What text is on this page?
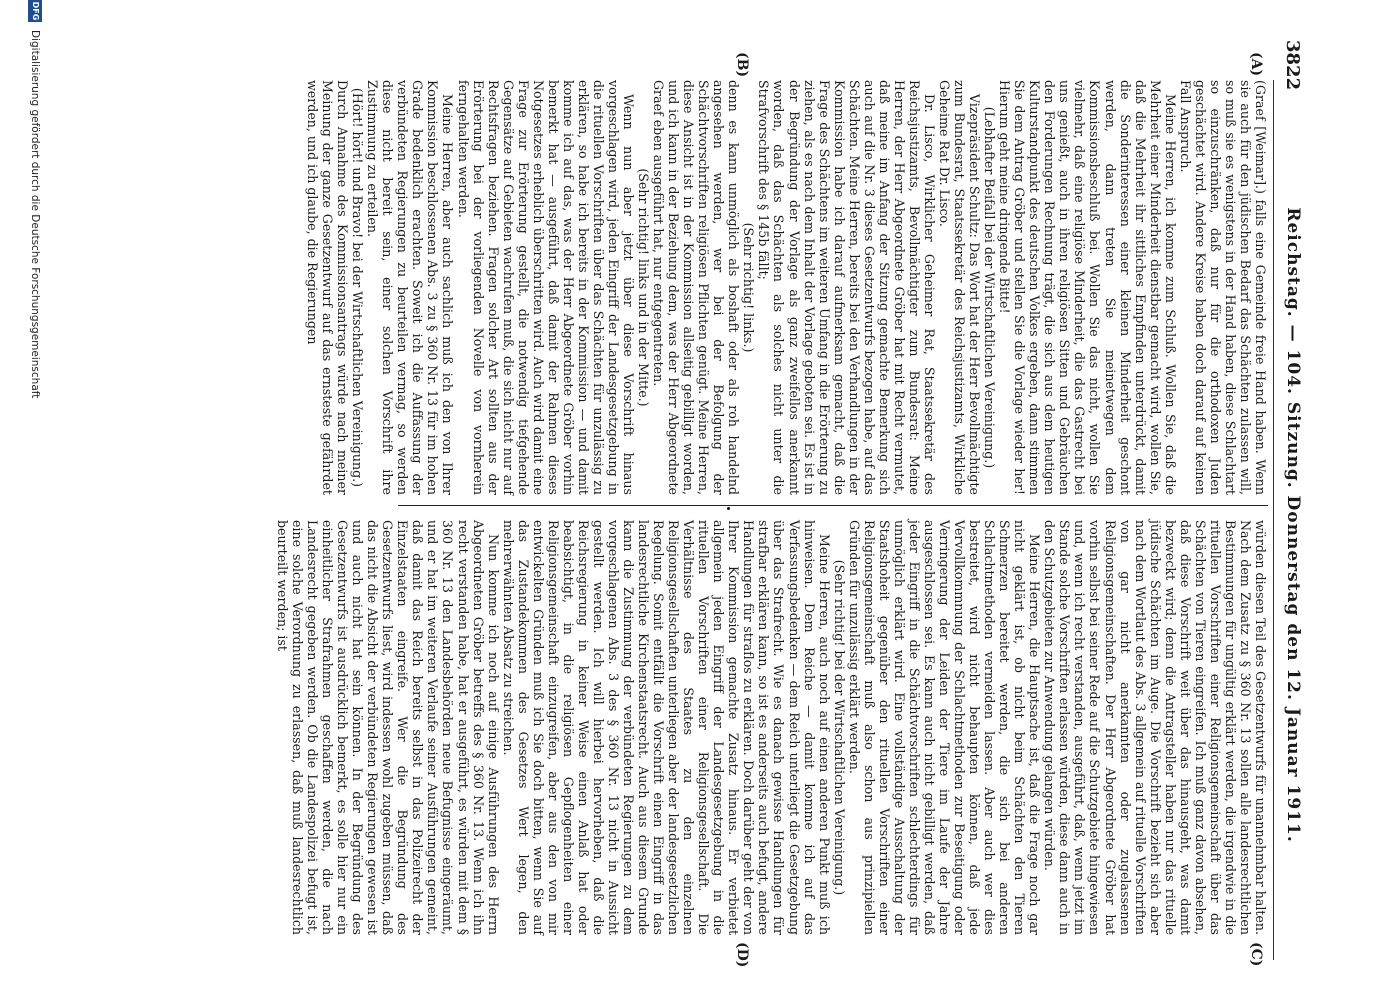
3822
Reichstag. — 104. Sitzung. Donnerstag den 12. Januar 1911.
(A)
(B)
(C)
(D)

(Graef [Weimar].) falls eine Gemeinde freie Hand haben. Wenn sie auch für den jüdischen Bedarf das Schächten zulassen will, so muß sie es wenigstens in der Hand haben, diese Schlachtart so einzuschränken, daß nur für die orthodoxen Juden geschächtet wird. Andere Kreise haben doch darauf auf keinen Fall Anspruch.

Meine Herren, ich komme zum Schluß. Wollen Sie, daß die Mehrheit einer Minderheit dienstbar gemacht wird, wollen Sie, daß die Mehrheit ihr sittliches Empfinden unterdrückt, damit die Sonderinteressen einer kleinen Minderheit geschont werden, dann treten Sie meinetwegen dem Kommissionsbeschluß bei. Wollen Sie das nicht, wollen Sie vielmehr, daß eine religiöse Minderheit, die das Gastrecht bei uns genießt, auch in ihren religiösen Sitten und Gebräuchen den Forderungen Rechnung trägt, die sich aus dem heutigen Kulturstandpunkt des deutschen Volkes ergeben, dann stimmen Sie dem Antrag Gröber und stellen Sie die Vorlage wieder her! Hierum geht meine dringende Bitte!

(Lebhafter Beifall bei der Wirtschaftlichen Vereinigung.)

Vizepräsident Schultz: Das Wort hat der Herr Bevollmächtigte zum Bundesrat, Staatssekretär des Reichsjustizamts, Wirkliche Geheime Rat Dr. Lisco.

Dr. Lisco, Wirklicher Geheimer Rat, Staatssekretär des Reichsjustizamts, Bevollmächtigter zum Bundesrat: Meine Herren, der Herr Abgeordnete Gröber hat mit Recht vermutet, daß meine im Anfang der Sitzung gemachte Bemerkung sich auch auf die Nr. 3 dieses Gesetzentwurfs bezogen habe, auf das Schächten. Meine Herren, bereits bei den Verhandlungen in der Kommission habe ich darauf aufmerksam gemacht, daß die Frage des Schächtens im weiteren Umfang in die Erörterung zu ziehen, als es nach dem Inhalt der Vorlage geboten sei. Es ist in der Begründung der Vorlage als ganz zweifellos anerkannt worden, daß das Schächten als solches nicht unter die Strafvorschrift des § 145b fällt;

(Sehr richtig! links.)

denn es kann unmöglich als boshaft oder als roh handelnd angesehen werden, wer bei der Befolgung der Schächtvorschriften religiösen Pflichten genügt. Meine Herren, diese Ansicht ist in der Kommission allseitig gebilligt worden, und ich kann in der Beziehung dem, was der Herr Abgeordnete Graef eben ausgeführt hat, nur entgegentreten.

(Sehr richtig! links und in der Mitte.)

Wenn nun aber jetzt über diese Vorschrift hinaus vorgeschlagen wird, jeden Eingriff der Landesgesetzgebung in die rituellen Vorschriften über das Schächten für unzulässig zu erklären, so habe ich bereits in der Kommission — und damit komme ich auf das, was der Herr Abgeordnete Gröber vorhin bemerkt hat — ausgeführt, daß damit der Rahmen dieses Notgesetzes erheblich überschritten wird. Auch wird damit eine Frage zur Erörterung gestellt, die notwendig tiefgehende Gegensätze auf Gebieten wachrufen muß, die sich nicht nur auf Rechtsfragen beziehen. Fragen solcher Art sollten aus der Erörterung bei der vorliegenden Novelle von vornherein ferngehalten werden.

Meine Herren, aber auch sachlich muß ich den von Ihrer Kommission beschlossenen Abs. 3 zu § 360 Nr. 13 für im hohen Grade bedenklich erachten. Soweit ich die Auffassung der verbündeten Regierungen zu beurteilen vermag, so werden diese nicht bereit sein, einer solchen Vorschrift ihre Zustimmung zu erteilen.

(Hört! hört! und Bravo! bei der Wirtschaftlichen Vereinigung.)

Durch Annahme des Kommissionsantrags würde nach meiner Meinung der ganze Gesetzentwurf auf das ernsteste gefährdet werden, und ich glaube, die Regierungen

würden diesen Teil des Gesetzentwurfs für unannehmbar halten. Nach dem Zusatz zu § 360 Nr. 13 sollen alle landesrechtlichen Bestimmungen für ungültig erklärt werden, die irgendwie in die rituellen Vorschriften einer Religionsgemeinschaft über das Schächten von Tieren eingreifen. Ich muß ganz davon absehen, daß diese Vorschrift weit über das hinausgeht, was damit bezweckt wird; denn die Antragsteller haben nur das rituelle jüdische Schächten im Auge. Die Vorschrift bezieht sich aber nach dem Wortlaut des Abs. 3 allgemein auf rituelle Vorschriften von gar nicht anerkannten oder zugelassenen Religionsgemeinschaften. Der Herr Abgeordnete Gröber hat vorhin selbst bei seiner Rede auf die Schutzgebiete hingewiesen und, wenn ich recht verstanden, ausgeführt, daß, wenn jetzt im Stande solche Vorschriften erlassen würden, diese dann auch in den Schutzgebieten zur Anwendung gelangen würden.

Meine Herren, die Hauptsache ist, daß die Frage noch gar nicht geklärt ist, ob nicht beim Schächten den Tieren Schmerzen bereitet werden, die sich bei anderen Schlachtmethoden vermeiden lassen. Aber auch wer dies bestreitet, wird nicht behaupten können, daß jede Vervollkommnung der Schlachtmethoden zur Beseitigung oder Verringerung der Leiden der Tiere im Laufe der Jahre ausgeschlossen sei. Es kann auch nicht gebilligt werden, daß jeder Eingriff in die Schächtvorschriften schlechterdings für unmöglich erklärt wird. Eine vollständige Ausschaltung der Staatshoheit gegenüber den rituellen Vorschriften einer Religionsgemeinschaft muß also schon aus prinzipiellen Gründen für unzulässig erklärt werden.

(Sehr richtig! bei der Wirtschaftlichen Vereinigung.)

Meine Herren, auch noch auf einen anderen Punkt muß ich hinweisen. Dem Reiche — damit komme ich auf das Verfassungsbedenken — dem Reich unterliegt die Gesetzgebung über das Strafrecht. Wie es danach gewisse Handlungen für strafbar erklären kann, so ist es anderseits auch befugt, andere Handlungen für straflos zu erklären. Doch darüber geht der von Ihrer Kommission gemachte Zusatz hinaus. Er verbietet allgemein jeden Eingriff der Landesgesetzgebung in die rituellen Vorschriften einer Religionsgesellschaft. Die Verhältnisse des Staates zu den einzelnen Religionsgesellschaften unterliegen aber der landesgesetzlichen Regelung. Somit entfällt die Vorschrift einen Eingriff in das landesrechtliche Kirchenstaatsrecht. Auch aus diesem Grunde kann die Zustimmung der verbündeten Regierungen zu dem vorgeschlagenen Abs. 3 des § 360 Nr. 13 nicht in Aussicht gestellt werden. Ich will hierbei hervorheben, daß die Reichsregierung in keiner Weise einen Anlaß hat oder beabsichtigt, in die religiösen Gepflogenheiten einer Religionsgemeinschaft einzugreifen, aber aus den von mir entwickelten Gründen muß ich Sie doch bitten, wenn Sie auf das Zustandekommen des Gesetzes Wert legen, den mehrerwähnten Absatz zu streichen.

Nun komme ich noch auf einige Ausführungen des Herrn Abgeordneten Gröber betreffs des § 360 Nr. 13. Wenn ich ihn recht verstanden habe, hat er ausgeführt, es würden mit dem § 360 Nr. 13 den Landesbehörden neue Befugnisse eingeräumt, und er hat im weiteren Verlaufe seiner Ausführungen gemeint, daß damit das Reich bereits selbst in das Polizeirecht der Einzelstaaten eingreife. Wer die Begründung des Gesetzentwurfs liest, wird indessen wohl zugeben müssen, daß das nicht die Absicht der verbündeten Regierungen gewesen ist und auch nicht hat sein können. In der Begründung des Gesetzentwurfs ist ausdrücklich bemerkt, es solle hier nur ein einheitlicher Strafrahmen geschaffen werden, die nach Landesrecht gegeben werden. Ob die Landespolizei befugt ist, eine solche Verordnung zu erlassen, daß muß landesrechtlich beurteilt werden; ist

DFG
Digitalisierung gefördert durch die Deutsche Forschungsgemeinschaft
